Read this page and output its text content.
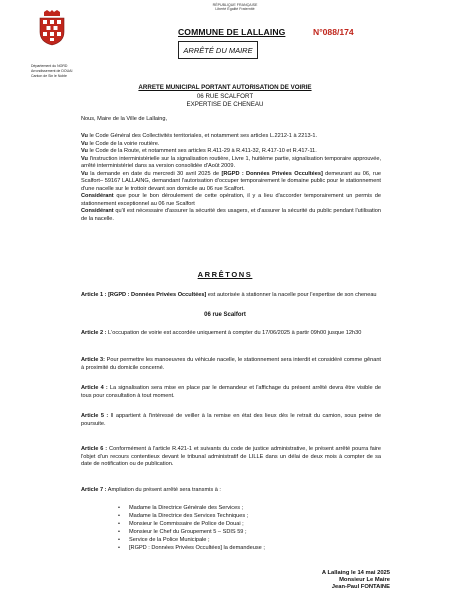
RÉPUBLIQUE FRANÇAISE
Liberté Égalité Fraternité
Département du NORD
Arrondissement de DOUAI
Canton de Sin le Noble
COMMUNE DE LALLAING	N°088/174
ARRÊTÉ DU MAIRE
ARRETE MUNICIPAL PORTANT AUTORISATION DE VOIRIE
06 RUE SCALFORT
EXPERTISE DE CHENEAU
Nous, Maire de la Ville de Lallaing,
Vu le Code Général des Collectivités territoriales, et notamment ses articles L.2212-1 à 2213-1.
Vu le Code de la voirie routière.
Vu le Code de la Route, et notamment ses articles R.411-29 à R.411-32, R.417-10 et R.417-11.
Vu l'instruction interministérielle sur la signalisation routière, Livre 1, huitième partie, signalisation temporaire approuvée, arrêté interministériel dans sa version consolidée d'Août 2009.
Vu la demande en date du mercredi 30 avril 2025 de [RGPD : Données Privées Occultées] demeurant au 06, rue Scalfort– 59167 LALLAING, demandant l'autorisation d'occuper temporairement le domaine public pour le stationnement d'une nacelle sur le trottoir devant son domicile au 06 rue Scalfort.
Considérant que pour le bon déroulement de cette opération, il y a lieu d'accorder temporairement un permis de stationnement exceptionnel au 06 rue Scalfort
Considérant qu'il est nécessaire d'assurer la sécurité des usagers, et d'assurer la sécurité du public pendant l'utilisation de la nacelle.
ARRÊTONS
Article 1 : [RGPD : Données Privées Occultées] est autorisée à stationner la nacelle pour l'expertise de son cheneau
06 rue Scalfort
Article 2 : L'occupation de voirie est accordée uniquement à compter du 17/06/2025 à partir 09h00 jusque 12h30
Article 3: Pour permettre les manoeuvres du véhicule nacelle, le stationnement sera interdit et considéré comme gênant à proximité du domicile concerné.
Article 4 : La signalisation sera mise en place par le demandeur et l'affichage du présent arrêté devra être visible de tous pour consultation à tout moment.
Article 5 : Il appartient à l'intéressé de veiller à la remise en état des lieux dès le retrait du camion, sous peine de poursuite.
Article 6 : Conformément à l'article R.421-1 et suivants du code de justice administrative, le présent arrêté pourra faire l'objet d'un recours contentieux devant le tribunal administratif de LILLE dans un délai de deux mois à compter de sa date de notification ou de publication.
Article 7 : Ampliation du présent arrêté sera transmis à :
• Madame la Directrice Générale des Services ;
• Madame la Directrice des Services Techniques ;
• Monsieur le Commissaire de Police de Douai ;
• Monsieur le Chef du Groupement 5 – SDIS 59 ;
• Service de la Police Municipale ;
• [RGPD : Données Privées Occultées] la demandeuse ;
A Lallaing le 14 mai 2025
Monsieur Le Maire
Jean-Paul FONTAINE
